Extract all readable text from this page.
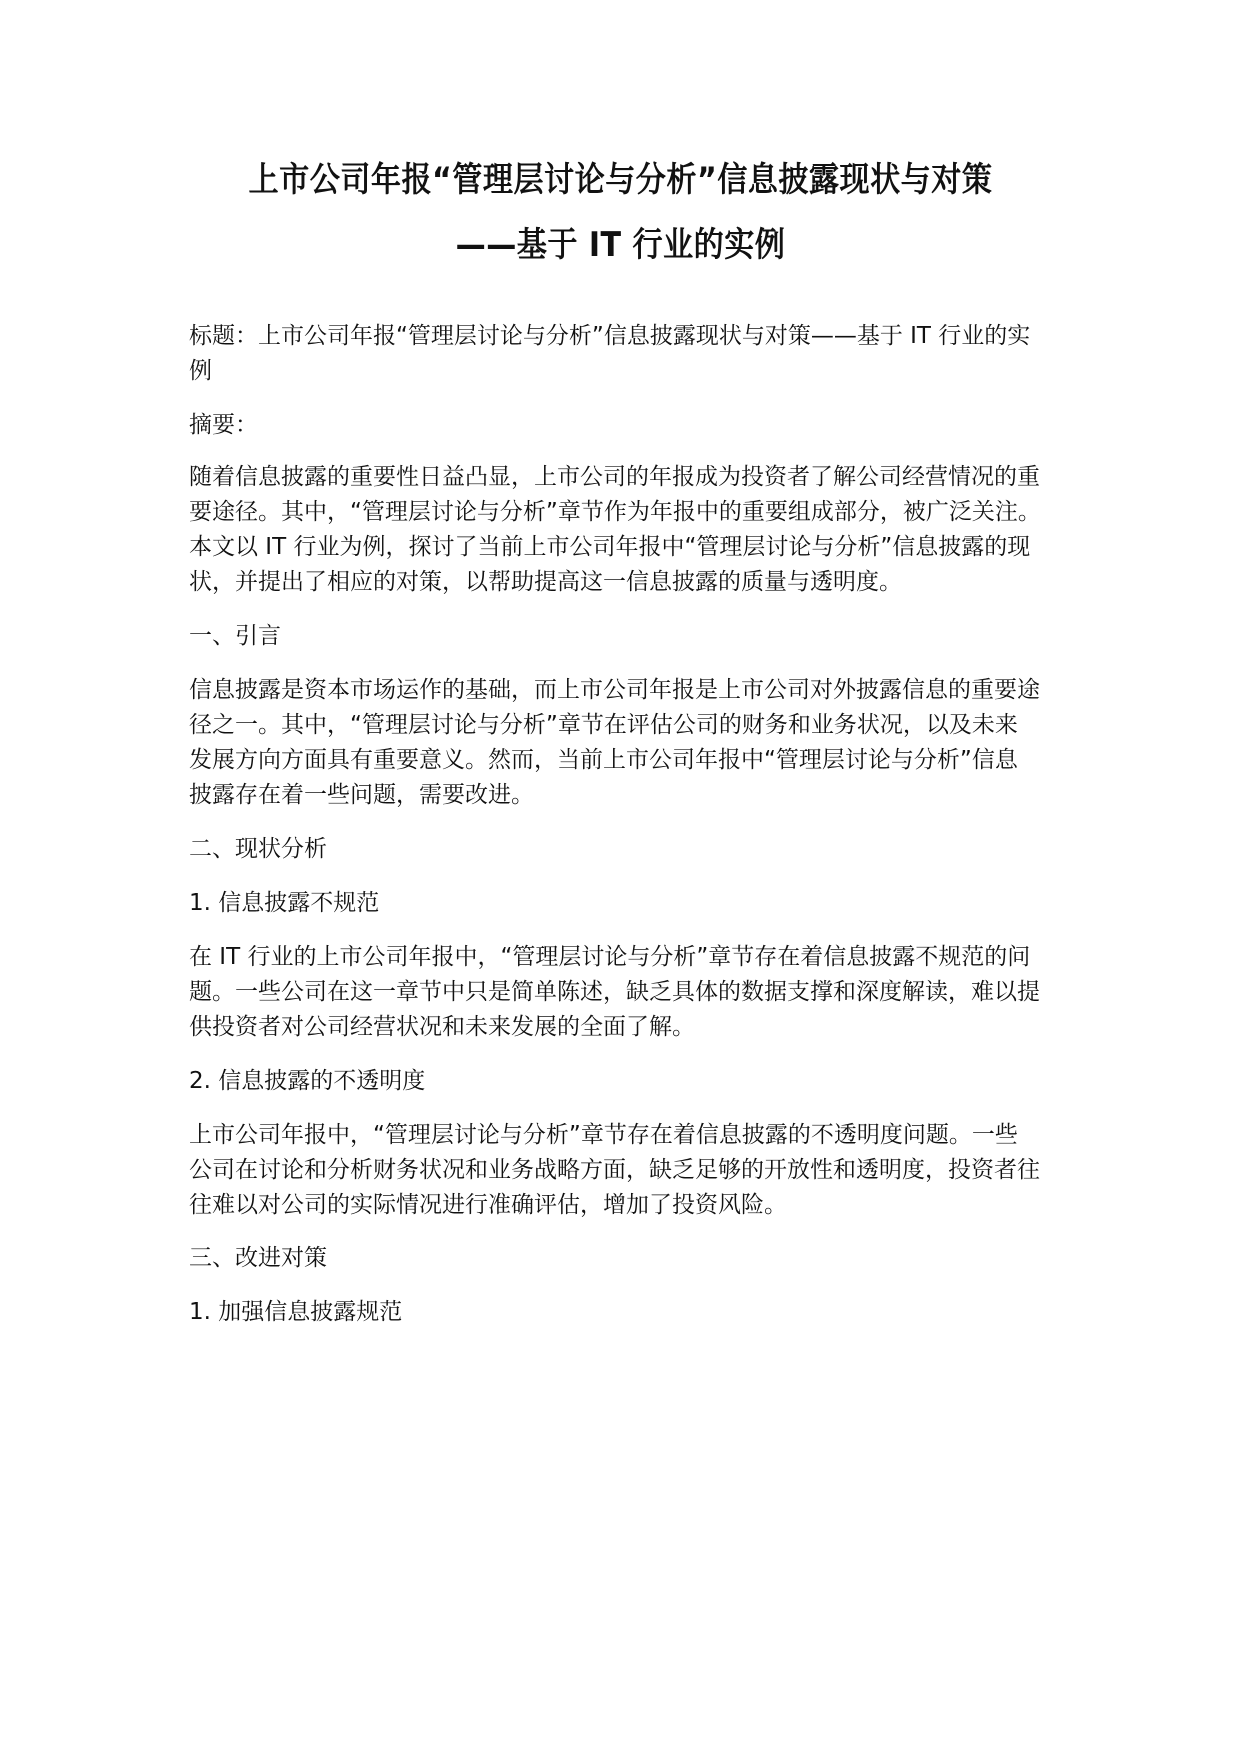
上市公司年报“管理层讨论与分析”信息披露现状与对策
——基于 IT 行业的实例
标题：上市公司年报“管理层讨论与分析”信息披露现状与对策——基于 IT 行业的实
例
摘要：
随着信息披露的重要性日益凸显，上市公司的年报成为投资者了解公司经营情况的重
要途径。其中，“管理层讨论与分析”章节作为年报中的重要组成部分，被广泛关注。
本文以 IT 行业为例，探讨了当前上市公司年报中“管理层讨论与分析”信息披露的现
状，并提出了相应的对策，以帮助提高这一信息披露的质量与透明度。
一、引言
信息披露是资本市场运作的基础，而上市公司年报是上市公司对外披露信息的重要途
径之一。其中，“管理层讨论与分析”章节在评估公司的财务和业务状况，以及未来
发展方向方面具有重要意义。然而，当前上市公司年报中“管理层讨论与分析”信息
披露存在着一些问题，需要改进。
二、现状分析
1. 信息披露不规范
在 IT 行业的上市公司年报中，“管理层讨论与分析”章节存在着信息披露不规范的问
题。一些公司在这一章节中只是简单陈述，缺乏具体的数据支撑和深度解读，难以提
供投资者对公司经营状况和未来发展的全面了解。
2. 信息披露的不透明度
上市公司年报中，“管理层讨论与分析”章节存在着信息披露的不透明度问题。一些
公司在讨论和分析财务状况和业务战略方面，缺乏足够的开放性和透明度，投资者往
往难以对公司的实际情况进行准确评估，增加了投资风险。
三、改进对策
1. 加强信息披露规范
